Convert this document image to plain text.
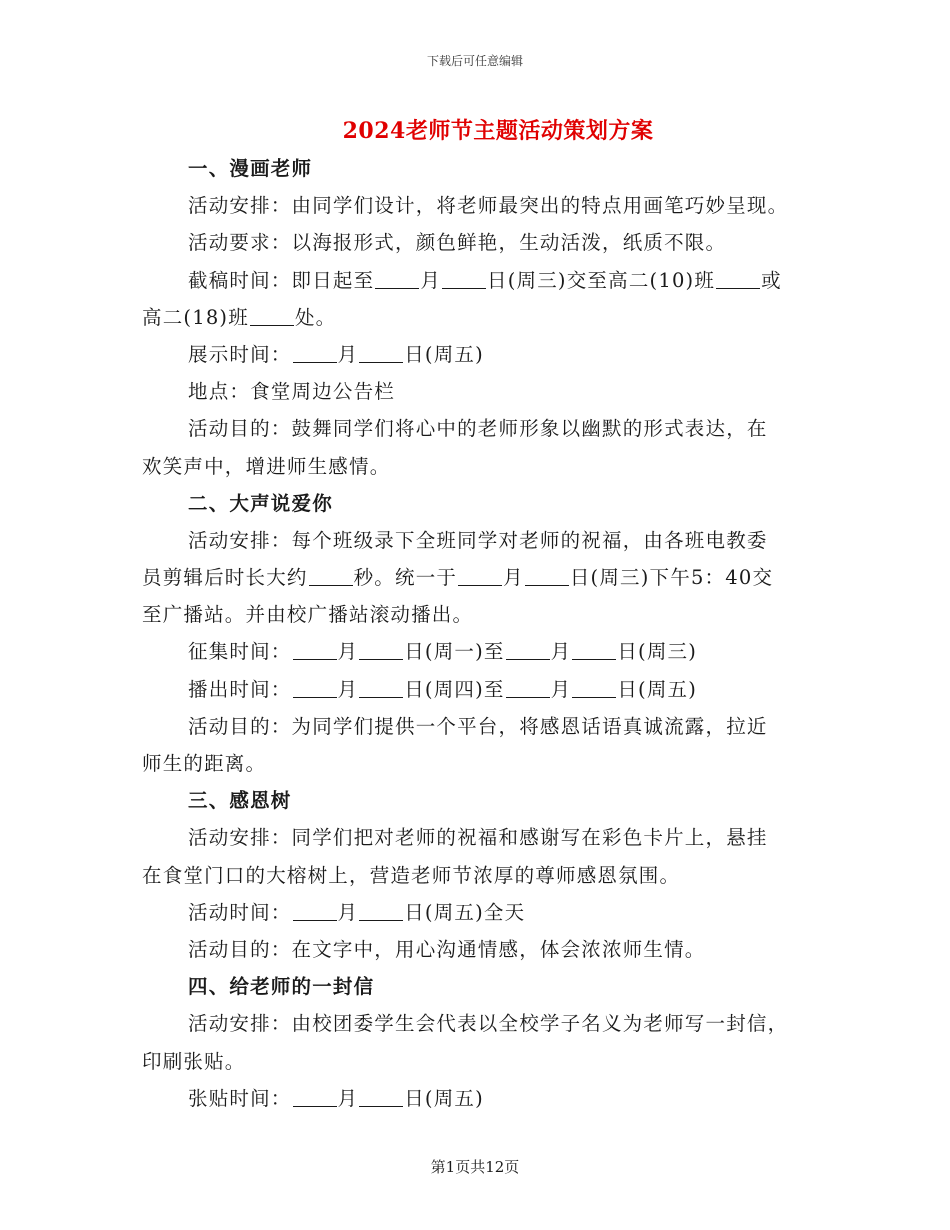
下载后可任意编辑
2024老师节主题活动策划方案
一、漫画老师
活动安排：由同学们设计，将老师最突出的特点用画笔巧妙呈现。
活动要求：以海报形式，颜色鲜艳，生动活泼，纸质不限。
截稿时间：即日起至 月 日(周三)交至高二(10)班 或
高二(18)班 处。
展示时间： 月 日(周五)
地点：食堂周边公告栏
活动目的：鼓舞同学们将心中的老师形象以幽默的形式表达，在
欢笑声中，增进师生感情。
二、大声说爱你
活动安排：每个班级录下全班同学对老师的祝福，由各班电教委
员剪辑后时长大约 秒。统一于 月 日(周三)下午5：40交
至广播站。并由校广播站滚动播出。
征集时间： 月 日(周一)至 月 日(周三)
播出时间： 月 日(周四)至 月 日(周五)
活动目的：为同学们提供一个平台，将感恩话语真诚流露，拉近
师生的距离。
三、感恩树
活动安排：同学们把对老师的祝福和感谢写在彩色卡片上，悬挂
在食堂门口的大榕树上，营造老师节浓厚的尊师感恩氛围。
活动时间： 月 日(周五)全天
活动目的：在文字中，用心沟通情感，体会浓浓师生情。
四、给老师的一封信
活动安排：由校团委学生会代表以全校学子名义为老师写一封信，
印刷张贴。
张贴时间： 月 日(周五)
第1页共12页
